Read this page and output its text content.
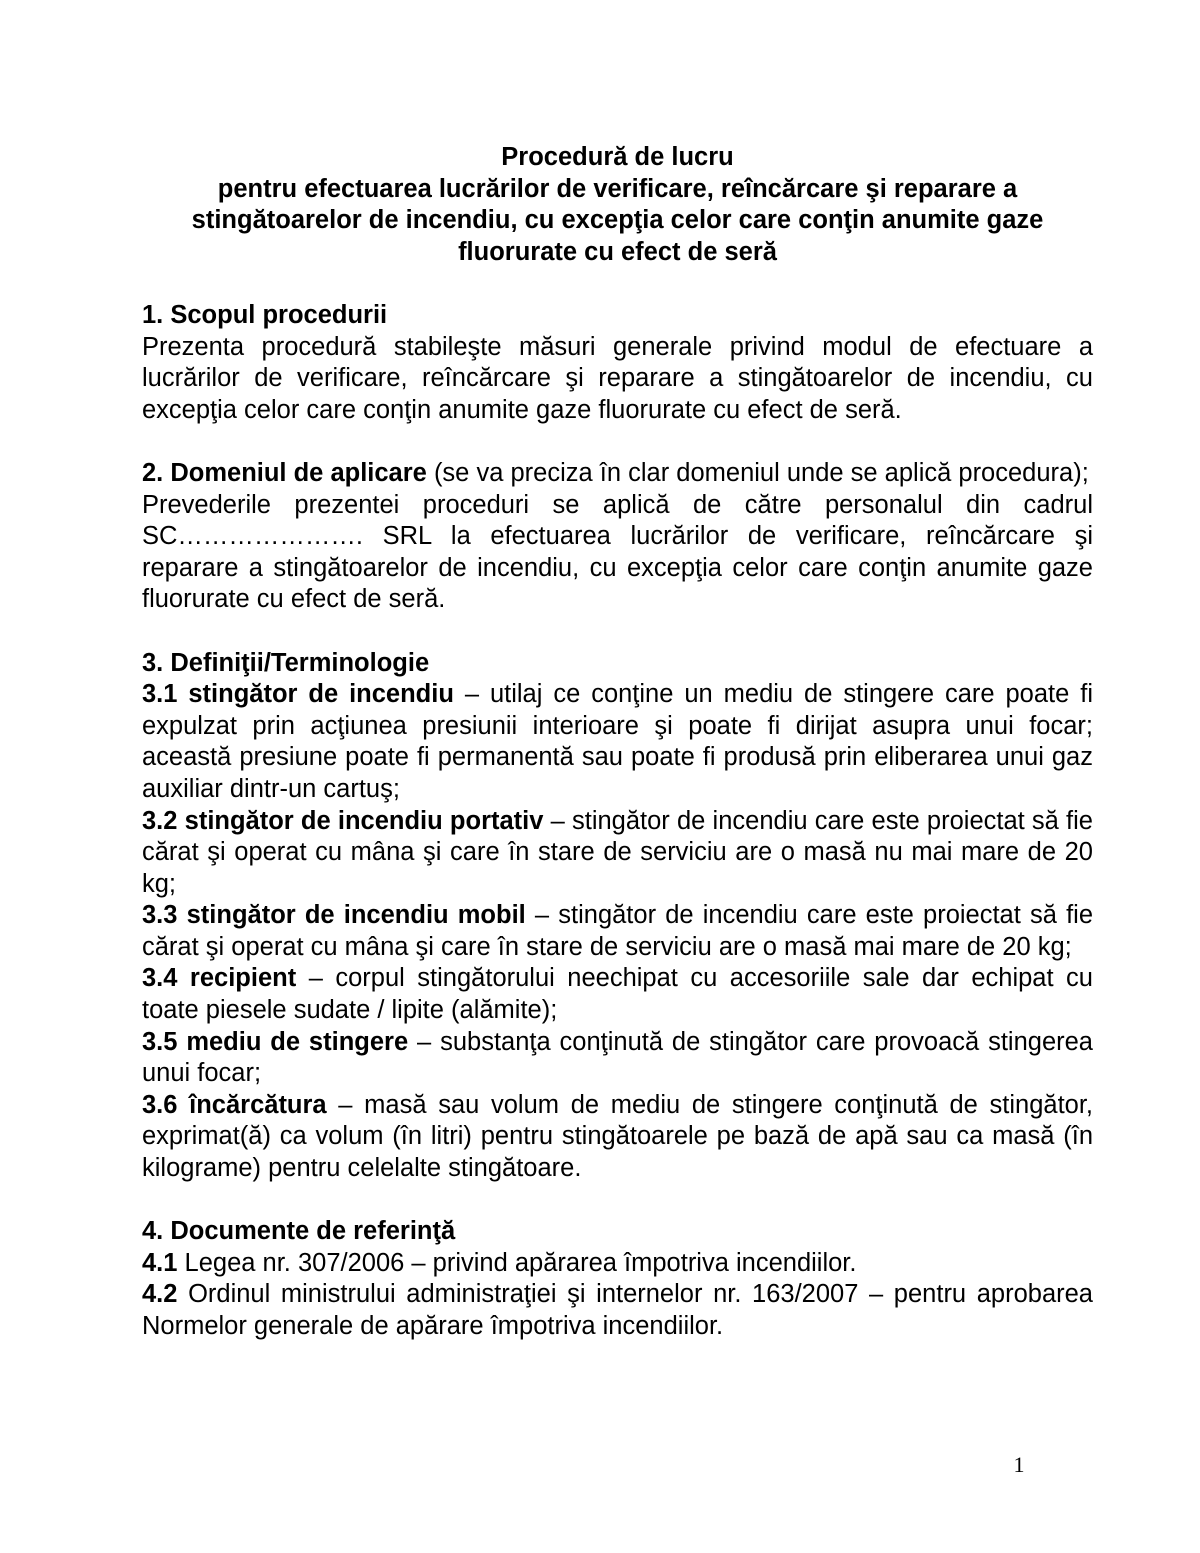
Procedură de lucru
pentru efectuarea lucrărilor de verificare, reîncărcare şi reparare a stingătoarelor de incendiu, cu excepţia celor care conţin anumite gaze fluorurate cu efect de seră

1. Scopul procedurii

Prezenta procedură stabileşte măsuri generale privind modul de efectuare a lucrărilor de verificare, reîncărcare şi reparare a stingătoarelor de incendiu, cu excepţia celor care conţin anumite gaze fluorurate cu efect de seră.

2. Domeniul de aplicare (se va preciza în clar domeniul unde se aplică procedura);

Prevederile prezentei proceduri se aplică de către personalul din cadrul SC…………………. SRL la efectuarea lucrărilor de verificare, reîncărcare şi reparare a stingătoarelor de incendiu, cu excepţia celor care conţin anumite gaze fluorurate cu efect de seră.

3. Definiţii/Terminologie

3.1 stingător de incendiu – utilaj ce conţine un mediu de stingere care poate fi expulzat prin acţiunea presiunii interioare şi poate fi dirijat asupra unui focar; această presiune poate fi permanentă sau poate fi produsă prin eliberarea unui gaz auxiliar dintr-un cartuş;

3.2 stingător de incendiu portativ – stingător de incendiu care este proiectat să fie cărat şi operat cu mâna şi care în stare de serviciu are o masă nu mai mare de 20 kg;

3.3 stingător de incendiu mobil – stingător de incendiu care este proiectat să fie cărat şi operat cu mâna şi care în stare de serviciu are o masă mai mare de 20 kg;

3.4 recipient – corpul stingătorului neechipat cu accesoriile sale dar echipat cu toate piesele sudate / lipite (alămite);

3.5 mediu de stingere – substanţa conţinută de stingător care provoacă stingerea unui focar;

3.6 încărcătura – masă sau volum de mediu de stingere conţinută de stingător, exprimat(ă) ca volum (în litri) pentru stingătoarele pe bază de apă sau ca masă (în kilograme) pentru celelalte stingătoare.

4. Documente de referinţă

4.1 Legea nr. 307/2006 – privind apărarea împotriva incendiilor.

4.2 Ordinul ministrului administraţiei şi internelor nr. 163/2007 – pentru aprobarea Normelor generale de apărare împotriva incendiilor.

1
